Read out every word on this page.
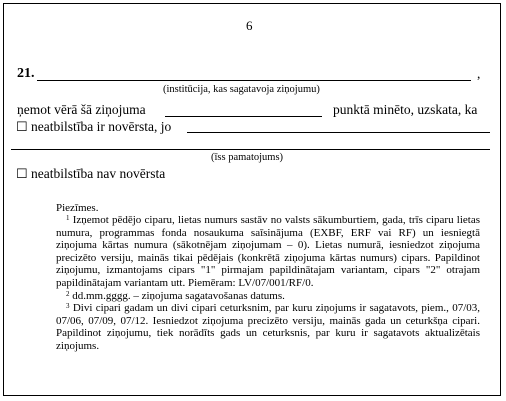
6
21.	,
(institūcija, kas sagatavoja ziņojumu)
ņemot vērā šā ziņojuma	punktā minēto, uzskata, ka
☐ neatbilstība ir novērsta, jo
(īss pamatojums)
☐ neatbilstība nav novērsta
Piezīmes.

$^1$ Izņemot pēdējo ciparu, lietas numurs sastāv no valsts sākumburtiem, gada, trīs ciparu lietas numura, programmas fonda nosaukuma saīsinājuma (EXBF, ERF vai RF) un iesniegtā ziņojuma kārtas numura (sākotnējam ziņojumam – 0). Lietas numurā, iesniedzot ziņojuma precizēto versiju, mainās tikai pēdējais (konkrētā ziņojuma kārtas numurs) cipars. Papildinot ziņojumu, izmantojams cipars "1" pirmajam papildinātajam variantam, cipars "2" otrajam papildinātajam variantam utt. Piemēram: LV/07/001/RF/0.

$^2$ dd.mm.gggg. – ziņojuma sagatavošanas datums.

$^3$ Divi cipari gadam un divi cipari ceturksnim, par kuru ziņojums ir sagatavots, piem., 07/03, 07/06, 07/09, 07/12. Iesniedzot ziņojuma precizēto versiju, mainās gada un ceturkšņa cipari. Papildinot ziņojumu, tiek norādīts gads un ceturksnis, par kuru ir sagatavots aktualizētais ziņojums.
